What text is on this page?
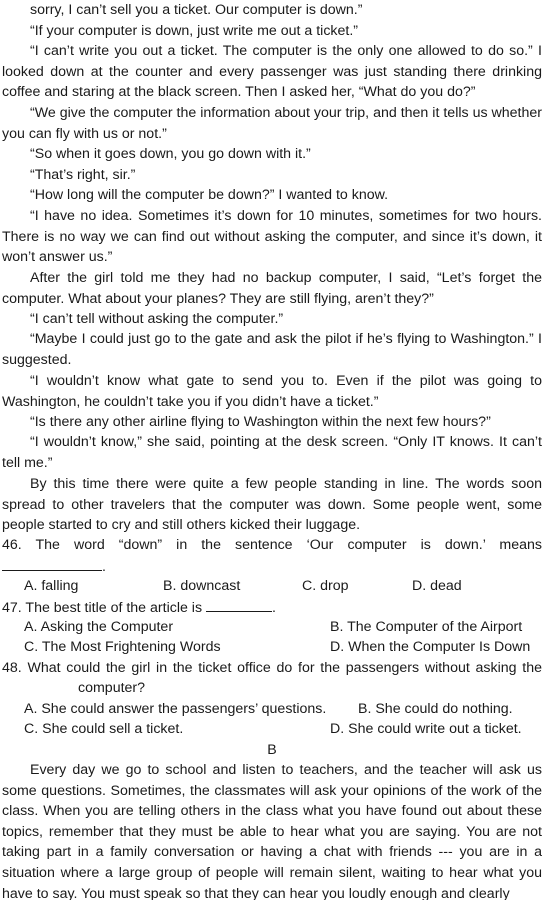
sorry, I can’t sell you a ticket. Our computer is down.”

“If your computer is down, just write me out a ticket.”

“I can’t write you out a ticket. The computer is the only one allowed to do so.” I looked down at the counter and every passenger was just standing there drinking coffee and staring at the black screen. Then I asked her, “What do you do?”

“We give the computer the information about your trip, and then it tells us whether you can fly with us or not.”

“So when it goes down, you go down with it.”

“That’s right, sir.”

“How long will the computer be down?” I wanted to know.

“I have no idea. Sometimes it’s down for 10 minutes, sometimes for two hours. There is no way we can find out without asking the computer, and since it’s down, it won’t answer us.”

After the girl told me they had no backup computer, I said, “Let’s forget the computer. What about your planes? They are still flying, aren’t they?”

“I can’t tell without asking the computer.”

“Maybe I could just go to the gate and ask the pilot if he’s flying to Washington.” I suggested.

“I wouldn’t know what gate to send you to. Even if the pilot was going to Washington, he couldn’t take you if you didn’t have a ticket.”

“Is there any other airline flying to Washington within the next few hours?”

“I wouldn’t know,” she said, pointing at the desk screen. “Only IT knows. It can’t tell me.”

By this time there were quite a few people standing in line. The words soon spread to other travelers that the computer was down. Some people went, some people started to cry and still others kicked their luggage.

46. The word “down” in the sentence ‘Our computer is down.’ means

.

A. falling	B. downcast	C. drop	D. dead

47. The best title of the article is	.

A. Asking the Computer	B. The Computer of the Airport
C. The Most Frightening Words	D. When the Computer Is Down

48. What could the girl in the ticket office do for the passengers without asking the

computer?

A. She could answer the passengers’ questions. B. She could do nothing.
C. She could sell a ticket.	D. She could write out a ticket.
B

Every day we go to school and listen to teachers, and the teacher will ask us some questions. Sometimes, the classmates will ask your opinions of the work of the class. When you are telling others in the class what you have found out about these topics, remember that they must be able to hear what you are saying. You are not taking part in a family conversation or having a chat with friends --- you are in a situation where a large group of people will remain silent, waiting to hear what you have to say. You must speak so that they can hear you loudly enough and clearly
